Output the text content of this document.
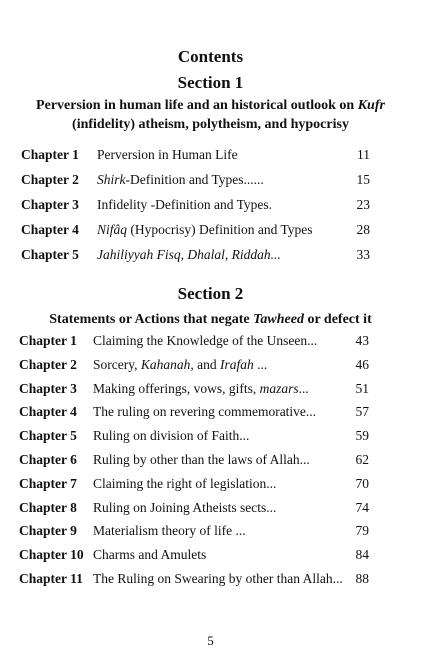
Contents
Section 1
Perversion in human life and an historical outlook on Kufr (infidelity) atheism, polytheism, and hypocrisy
Chapter 1 Perversion in Human Life	11
Chapter 2 Shirk-Definition and Types......	15
Chapter 3 Infidelity -Definition and Types.	23
Chapter 4 Nifâq (Hypocrisy) Definition and Types	28
Chapter 5 Jahiliyyah Fisq, Dhalal, Riddah...	33
Section 2
Statements or Actions that negate Tawheed or defect it
Chapter 1 Claiming the Knowledge of the Unseen...	43
Chapter 2 Sorcery, Kahanah, and Irafah ...	46
Chapter 3 Making offerings, vows, gifts, mazars...	51
Chapter 4 The ruling on revering commemorative...	57
Chapter 5 Ruling on division of Faith...	59
Chapter 6 Ruling by other than the laws of Allah...	62
Chapter 7 Claiming the right of legislation...	70
Chapter 8 Ruling on Joining Atheists sects...	74
Chapter 9 Materialism theory of life ...	79
Chapter 10 Charms and Amulets	84
Chapter 11 The Ruling on Swearing by other than Allah... 88
5
